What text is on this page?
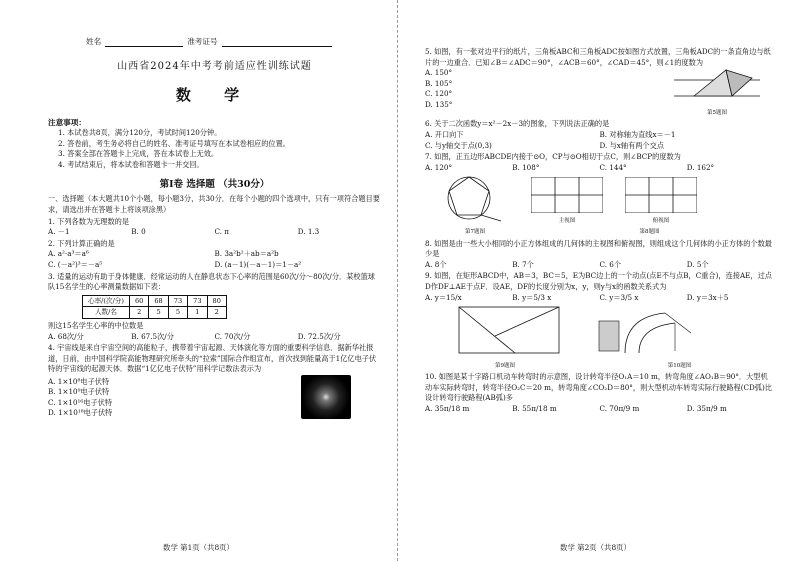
姓名	准考证号
山西省2024年中考考前适应性训练试题
数 学
注意事项：
1. 本试卷共8页，满分120分，考试时间120分钟。
2. 答卷前，考生务必将自己的姓名、准考证号填写在本试卷相应的位置。
3. 答案全部在答题卡上完成，答在本试卷上无效。
4. 考试结束后，将本试卷和答题卡一并交回。
第Ⅰ卷 选择题 （共30分）
一、选择题（本大题共10个小题，每小题3分，共30分．在每个小题的四个选项中，只有一项符合题目要求，请选出并在答题卡上将该项涂黑）
1. 下列各数为无理数的是
A. －1	B. 0	C. π	D. 1.3
2. 下列计算正确的是
A. a²·a³＝a⁶	B. 3a²b²＋ab＝a²b
C. (－a²)³＝－a⁵	D. (a－1)(－a－1)＝1－a²
3. 适量的运动有助于身体健康．经常运动的人在静息状态下心率的范围是60次/分～80次/分．某校篮球队15名学生的心率测量数据如下表：
心率/(次/分)	60	68	73	73	80
人数/名	2	5	5	1	2
则这15名学生心率的中位数是
A. 68次/分	B. 67.5次/分	C. 70次/分	D. 72.5次/分
4. 宇宙线是来自宇宙空间的高能粒子，携带着宇宙起源、天体演化等方面的重要科学信息．据新华社报道，日前，由中国科学院高能物理研究所牵头的“拉索”国际合作组宣布，首次找到能量高于1亿亿电子伏特的宇宙线的起源天体．数据“1亿亿电子伏特”用科学记数法表示为
A. 1×10⁸电子伏特
B. 1×10⁹电子伏特
C. 1×10¹⁶电子伏特
D. 1×10¹⁸电子伏特
数学 第1页（共8页）
5. 如图，有一张对边平行的纸片，三角板ABC和三角板ADC按如图方式放置，三角板ADC的一条直角边与纸片的一边重合．已知∠B＝∠ADC＝90°，∠ACB＝60°，∠CAD＝45°，则∠1的度数为
A. 150°
B. 105°
C. 120°
D. 135°
第5题图
6. 关于二次函数y＝x²－2x－3的图象，下列说法正确的是
A. 开口向下	B. 对称轴为直线x＝－1
C. 与y轴交于点(0,3)	D. 与x轴有两个交点
7. 如图，正五边形ABCDE内接于⊙O，CP与⊙O相切于点C，则∠BCP的度数为
A. 120°	B. 108°	C. 144°	D. 162°
第7题图
主视图	俯视图
第8题图
8. 如图是由一些大小相同的小正方体组成的几何体的主视图和俯视图，则组成这个几何体的小正方体的个数最少是
A. 8个	B. 7个	C. 6个	D. 5个
9. 如图，在矩形ABCD中，AB＝3，BC＝5，E为BC边上的一个动点(点E不与点B，C重合)，连接AE，过点D作DF⊥AE于点F．设AE，DF的长度分别为x，y，则y与x的函数关系式为
A. y＝15/x	B. y＝5/3 x	C. y＝3/5 x	D. y＝3x＋5
第9题图	第10题图
10. 如图是某十字路口机动车转弯时的示意图，设计转弯半径O₁A＝10 m，转弯角度∠AO₁B＝90°．大型机动车实际转弯时，转弯半径O₂C＝20 m，转弯角度∠CO₂D＝80°，则大型机动车转弯实际行驶路程(CD弧)比设计转弯行驶路程(AB弧)多
A. 35π/18 m	B. 55π/18 m	C. 70π/9 m	D. 35π/9 m
数学 第2页（共8页）
